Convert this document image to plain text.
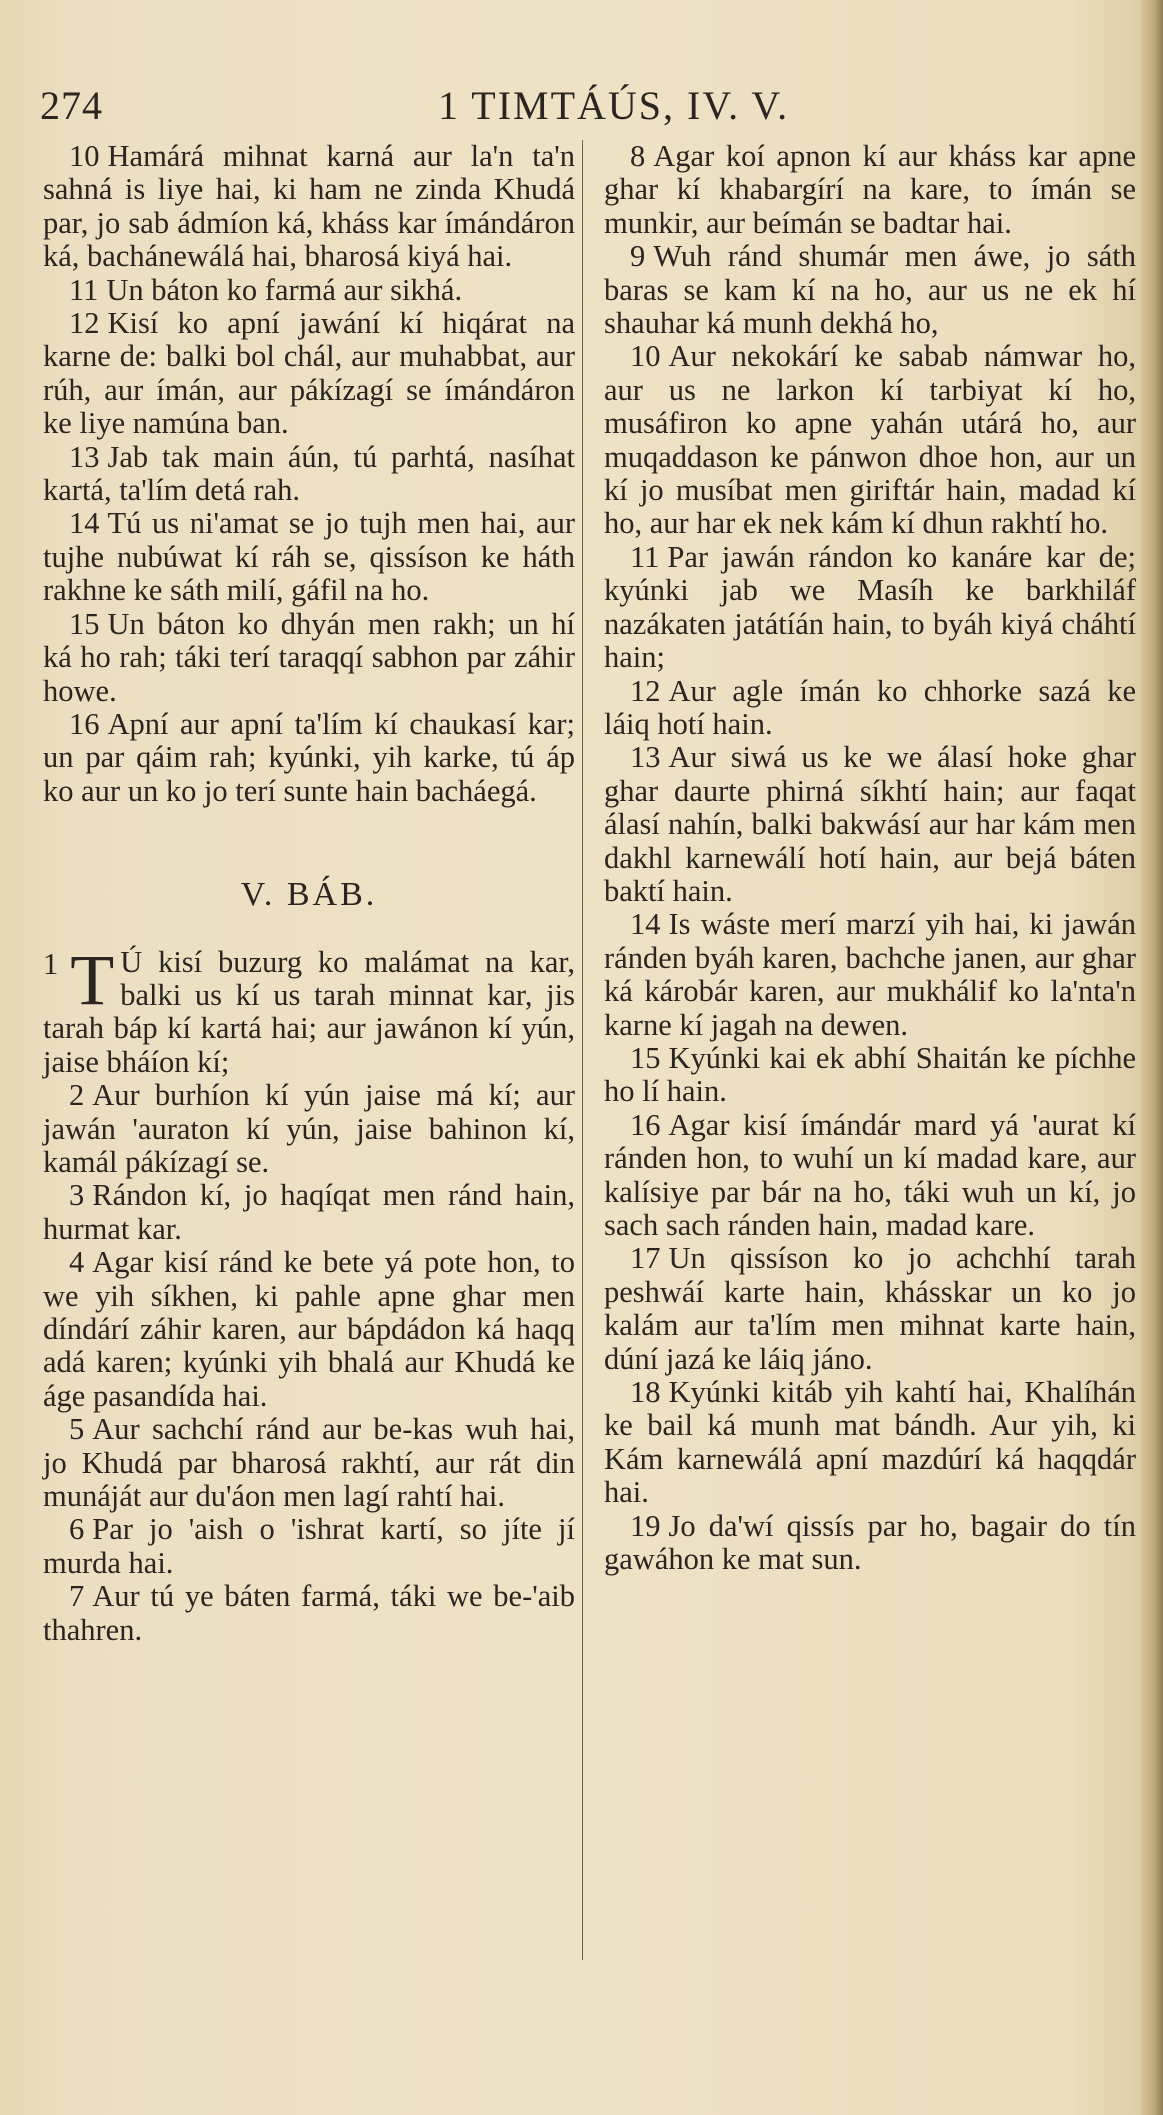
274	1 TIMTÁÚS, IV. V.

10 Hamárá mihnat karná aur la'n ta'n sahná is liye hai, ki ham ne zinda Khudá par, jo sab ádmíon ká, kháss kar ímándáron ká, bachánewálá hai, bharosá kiyá hai.

11 Un báton ko farmá aur sikhá.

12 Kisí ko apní jawání kí hiqárat na karne de: balki bol chál, aur muhabbat, aur rúh, aur ímán, aur pákízagí se ímándáron ke liye namúna ban.

13 Jab tak main áún, tú parhtá, nasíhat kartá, ta'lím detá rah.

14 Tú us ni'amat se jo tujh men hai, aur tujhe nubúwat kí ráh se, qissíson ke háth rakhne ke sáth milí, gáfil na ho.

15 Un báton ko dhyán men rakh; un hí ká ho rah; táki terí taraqqí sabhon par záhir howe.

16 Apní aur apní ta'lím kí chaukasí kar; un par qáim rah; kyúnki, yih karke, tú áp ko aur un ko jo terí sunte hain bacháegá.

V. BÁB.

1 T Ú kisí buzurg ko malámat na kar, balki us kí us tarah minnat kar, jis tarah báp kí kartá hai; aur jawánon kí yún, jaise bháíon kí;

2 Aur burhíon kí yún jaise má kí; aur jawán 'auraton kí yún, jaise bahinon kí, kamál pákízagí se.

3 Rándon kí, jo haqíqat men ránd hain, hurmat kar.

4 Agar kisí ránd ke bete yá pote hon, to we yih síkhen, ki pahle apne ghar men díndárí záhir karen, aur bápdádon ká haqq adá karen; kyúnki yih bhalá aur Khudá ke áge pasandída hai.

5 Aur sachchí ránd aur be-kas wuh hai, jo Khudá par bharosá rakhtí, aur rát din munáját aur du'áon men lagí rahtí hai.

6 Par jo 'aish o 'ishrat kartí, so jíte jí murda hai.

7 Aur tú ye báten farmá, táki we be-'aib thahren.

8 Agar koí apnon kí aur kháss kar apne ghar kí khabargírí na kare, to ímán se munkir, aur beímán se badtar hai.

9 Wuh ránd shumár men áwe, jo sáth baras se kam kí na ho, aur us ne ek hí shauhar ká munh dekhá ho,

10 Aur nekokárí ke sabab námwar ho, aur us ne larkon kí tarbiyat kí ho, musáfiron ko apne yahán utárá ho, aur muqaddason ke pánwon dhoe hon, aur un kí jo musíbat men giriftár hain, madad kí ho, aur har ek nek kám kí dhun rakhtí ho.

11 Par jawán rándon ko kanáre kar de; kyúnki jab we Masíh ke barkhiláf nazákaten jatátíán hain, to byáh kiyá cháhtí hain;

12 Aur agle ímán ko chhorke sazá ke láiq hotí hain.

13 Aur siwá us ke we álasí hoke ghar ghar daurte phirná síkhtí hain; aur faqat álasí nahín, balki bakwásí aur har kám men dakhl karnewálí hotí hain, aur bejá báten baktí hain.

14 Is wáste merí marzí yih hai, ki jawán ránden byáh karen, bachche janen, aur ghar ká károbár karen, aur mukhálif ko la'nta'n karne kí jagah na dewen.

15 Kyúnki kai ek abhí Shaitán ke píchhe ho lí hain.

16 Agar kisí ímándár mard yá 'aurat kí ránden hon, to wuhí un kí madad kare, aur kalísiye par bár na ho, táki wuh un kí, jo sach sach ránden hain, madad kare.

17 Un qissíson ko jo achchhí tarah peshwáí karte hain, khásskar un ko jo kalám aur ta'lím men mihnat karte hain, dúní jazá ke láiq jáno.

18 Kyúnki kitáb yih kahtí hai, Khalíhán ke bail ká munh mat bándh. Aur yih, ki Kám karnewálá apní mazdúrí ká haqqdár hai.

19 Jo da'wí qissís par ho, bagair do tín gawáhon ke mat sun.
